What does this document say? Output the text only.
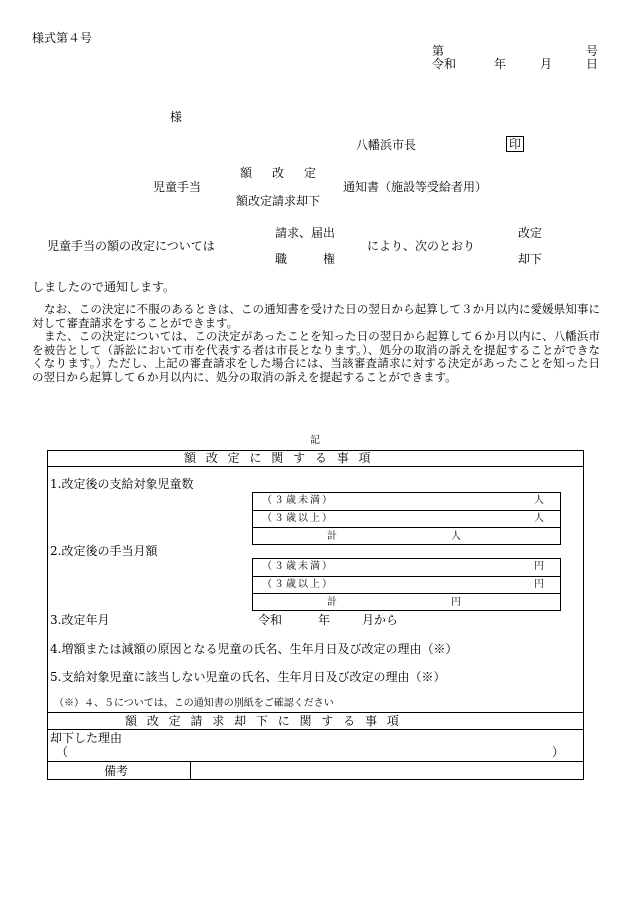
様式第４号
第	号
令和	年	月	日
様
八幡浜市長	印
額　改　定
児童手当	通知書（施設等受給者用）
額改定請求却下
請求、届出	改定
児童手当の額の改定については	により、次のとおり
職　　　権	却下
しましたので通知します。
なお、この決定に不服のあるときは、この通知書を受けた日の翌日から起算して３か月以内に愛媛県知事に対して審査請求をすることができます。
また、この決定については、この決定があったことを知った日の翌日から起算して６か月以内に、八幡浜市を被告として（訴訟において市を代表する者は市長となります。）、処分の取消の訴えを提起することができなくなります。）ただし、上記の審査請求をした場合には、当該審査請求に対する決定があったことを知った日の翌日から起算して６か月以内に、処分の取消の訴えを提起することができます。
記
額 改 定 に 関 す る 事 項
1.改定後の支給対象児童数
（３歳未満）	人
（３歳以上）	人
計	人
2.改定後の手当月額
（３歳未満）	円
（３歳以上）	円
計	円
3.改定年月	令和	年	月から
4.増額または減額の原因となる児童の氏名、生年月日及び改定の理由（※）
5.支給対象児童に該当しない児童の氏名、生年月日及び改定の理由（※）
（※）４、５については、この通知書の別紙をご確認ください
額 改 定 請 求 却 下 に 関 す る 事 項
却下した理由
（	）
備考
